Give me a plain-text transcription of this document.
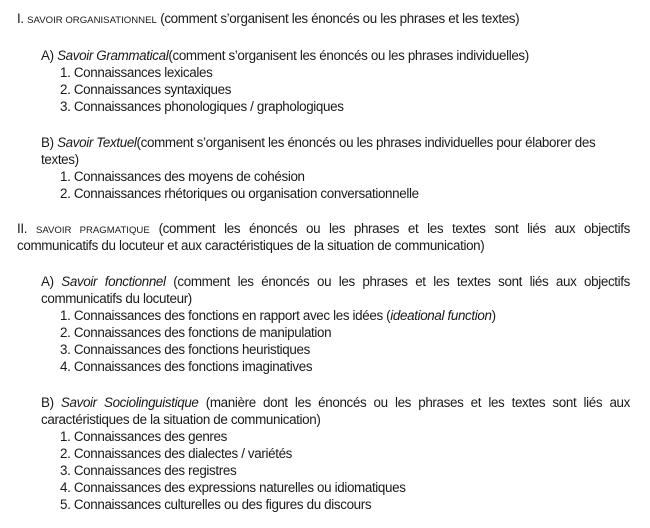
I. SAVOIR ORGANISATIONNEL (comment s’organisent les énoncés ou les phrases et les textes)
A) Savoir Grammatical(comment s’organisent les énoncés ou les phrases individuelles)
1. Connaissances lexicales
2. Connaissances syntaxiques
3. Connaissances phonologiques / graphologiques
B) Savoir Textuel(comment s’organisent les énoncés ou les phrases individuelles pour élaborer des
textes)
1. Connaissances des moyens de cohésion
2. Connaissances rhétoriques ou organisation conversationnelle
II. SAVOIR PRAGMATIQUE (comment les énoncés ou les phrases et les textes sont liés aux objectifs
communicatifs du locuteur et aux caractéristiques de la situation de communication)
A) Savoir fonctionnel (comment les énoncés ou les phrases et les textes sont liés aux objectifs
communicatifs du locuteur)
1. Connaissances des fonctions en rapport avec les idées (ideational function)
2. Connaissances des fonctions de manipulation
3. Connaissances des fonctions heuristiques
4. Connaissances des fonctions imaginatives
B) Savoir Sociolinguistique (manière dont les énoncés ou les phrases et les textes sont liés aux
caractéristiques de la situation de communication)
1. Connaissances des genres
2. Connaissances des dialectes / variétés
3. Connaissances des registres
4. Connaissances des expressions naturelles ou idiomatiques
5. Connaissances culturelles ou des figures du discours
